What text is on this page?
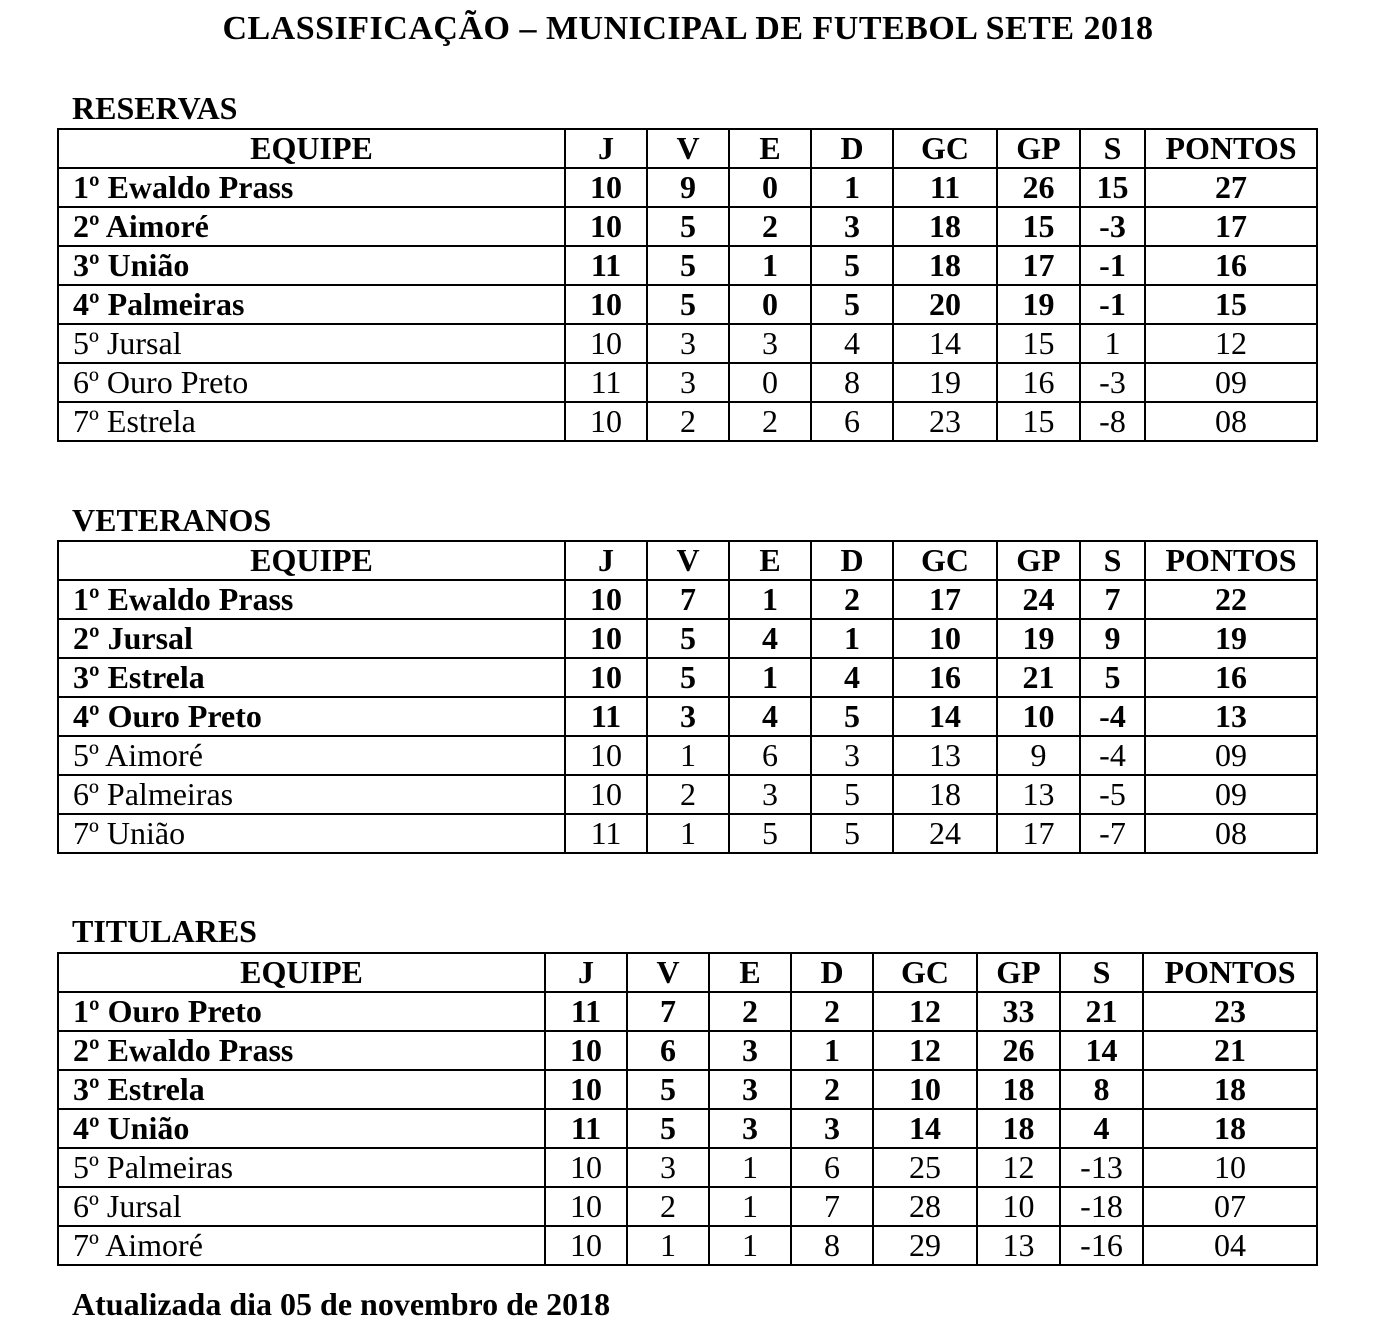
CLASSIFICAÇÃO – MUNICIPAL DE FUTEBOL SETE 2018
RESERVAS
EQUIPE	J	V	E	D	GC	GP	S	PONTOS
1º Ewaldo Prass	10	9	0	1	11	26	15	27
2º Aimoré	10	5	2	3	18	15	-3	17
3º União	11	5	1	5	18	17	-1	16
4º Palmeiras	10	5	0	5	20	19	-1	15
5º Jursal	10	3	3	4	14	15	1	12
6º Ouro Preto	11	3	0	8	19	16	-3	09
7º Estrela	10	2	2	6	23	15	-8	08
VETERANOS
EQUIPE	J	V	E	D	GC	GP	S	PONTOS
1º Ewaldo Prass	10	7	1	2	17	24	7	22
2º Jursal	10	5	4	1	10	19	9	19
3º Estrela	10	5	1	4	16	21	5	16
4º Ouro Preto	11	3	4	5	14	10	-4	13
5º Aimoré	10	1	6	3	13	9	-4	09
6º Palmeiras	10	2	3	5	18	13	-5	09
7º União	11	1	5	5	24	17	-7	08
TITULARES
EQUIPE	J	V	E	D	GC	GP	S	PONTOS
1º Ouro Preto	11	7	2	2	12	33	21	23
2º Ewaldo Prass	10	6	3	1	12	26	14	21
3º Estrela	10	5	3	2	10	18	8	18
4º União	11	5	3	3	14	18	4	18
5º Palmeiras	10	3	1	6	25	12	-13	10
6º Jursal	10	2	1	7	28	10	-18	07
7º Aimoré	10	1	1	8	29	13	-16	04
Atualizada dia 05 de novembro de 2018
